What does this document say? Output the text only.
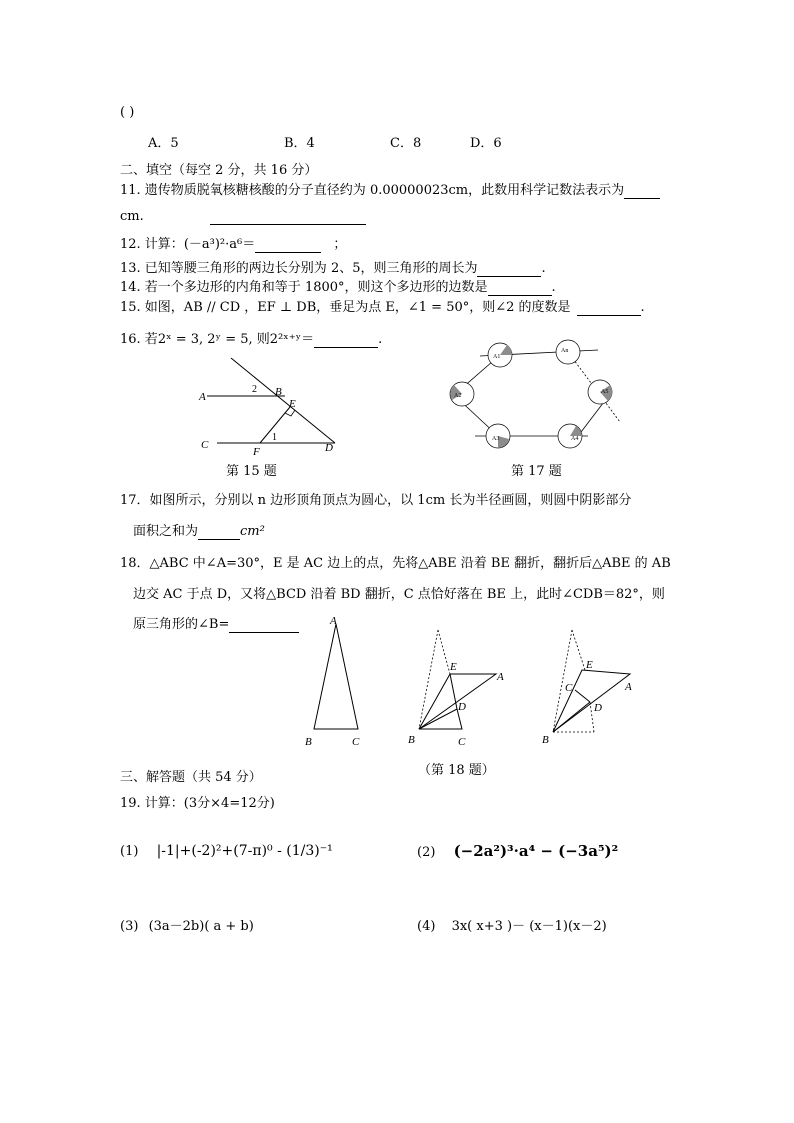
( )
A．5	B．4	C．8	D．6
二、填空（每空 2 分，共 16 分）
11. 遗传物质脱氧核糖核酸的分子直径约为 0.00000023cm，此数用科学记数法表示为
cm.
12. 计算：(－a³)²·a⁶＝	；
13. 已知等腰三角形的两边长分别为 2、5，则三角形的周长为	.
14. 若一个多边形的内角和等于 1800°，则这个多边形的边数是	.
15. 如图，AB // CD ，EF ⊥ DB，垂足为点 E，∠1 = 50°，则∠2 的度数是	.
16. 若2ˣ = 3, 2ʸ = 5, 则2²ˣ⁺ʸ＝	.
A	B
C	D
E
F
1
2
第 15 题
A1
An
A5
A4
A3
A2
第 17 题
17．如图所示，分别以 n 边形顶角顶点为圆心，以 1cm 长为半径画圆，则圆中阴影部分
面积之和为	cm²
18．△ABC 中∠A=30°，E 是 AC 边上的点，先将△ABE 沿着 BE 翻折，翻折后△ABE 的 AB
边交 AC 于点 D，又将△BCD 沿着 BD 翻折，C 点恰好落在 BE 上，此时∠CDB＝82°，则
原三角形的∠B=	A
B	C
E
A
D
B	C
E
A
C
D
B
（第 18 题）
三、解答题（共 54 分）
19. 计算：(3分×4=12分)
(1) |-1|+(-2)²+(7-π)⁰ - (1/3)⁻¹	(2) (−2a²)³·a⁴ − (−3a⁵)²
(3) (3a－2b)( a + b)	(4) 3x( x+3 )－ (x－1)(x－2)
